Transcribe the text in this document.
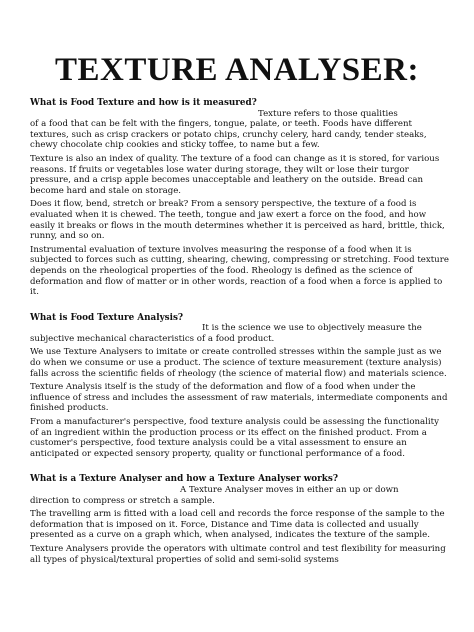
TEXTURE ANALYSER:
What is Food Texture and how is it measured?

Texture refers to those qualities
of a food that can be felt with the fingers, tongue, palate, or teeth. Foods have different textures, such as crisp crackers or potato chips, crunchy celery, hard candy, tender steaks, chewy chocolate chip cookies and sticky toffee, to name but a few.

Texture is also an index of quality. The texture of a food can change as it is stored, for various reasons. If fruits or vegetables lose water during storage, they wilt or lose their turgor pressure, and a crisp apple becomes unacceptable and leathery on the outside. Bread can become hard and stale on storage.

Does it flow, bend, stretch or break? From a sensory perspective, the texture of a food is evaluated when it is chewed. The teeth, tongue and jaw exert a force on the food, and how easily it breaks or flows in the mouth determines whether it is perceived as hard, brittle, thick, runny, and so on.

Instrumental evaluation of texture involves measuring the response of a food when it is subjected to forces such as cutting, shearing, chewing, compressing or stretching. Food texture depends on the rheological properties of the food. Rheology is defined as the science of deformation and flow of matter or in other words, reaction of a food when a force is applied to it.

What is Food Texture Analysis?

It is the science we use to objectively measure the
subjective mechanical characteristics of a food product.

We use Texture Analysers to imitate or create controlled stresses within the sample just as we do when we consume or use a product. The science of texture measurement (texture analysis) falls across the scientific fields of rheology (the science of material flow) and materials science.

Texture Analysis itself is the study of the deformation and flow of a food when under the influence of stress and includes the assessment of raw materials, intermediate components and finished products.

From a manufacturer's perspective, food texture analysis could be assessing the functionality of an ingredient within the production process or its effect on the finished product. From a customer's perspective, food texture analysis could be a vital assessment to ensure an anticipated or expected sensory property, quality or functional performance of a food.

What is a Texture Analyser and how a Texture Analyser works?

A Texture Analyser moves in either an up or down
direction to compress or stretch a sample.

The travelling arm is fitted with a load cell and records the force response of the sample to the deformation that is imposed on it. Force, Distance and Time data is collected and usually presented as a curve on a graph which, when analysed, indicates the texture of the sample.

Texture Analysers provide the operators with ultimate control and test flexibility for measuring all types of physical/textural properties of solid and semi-solid systems
